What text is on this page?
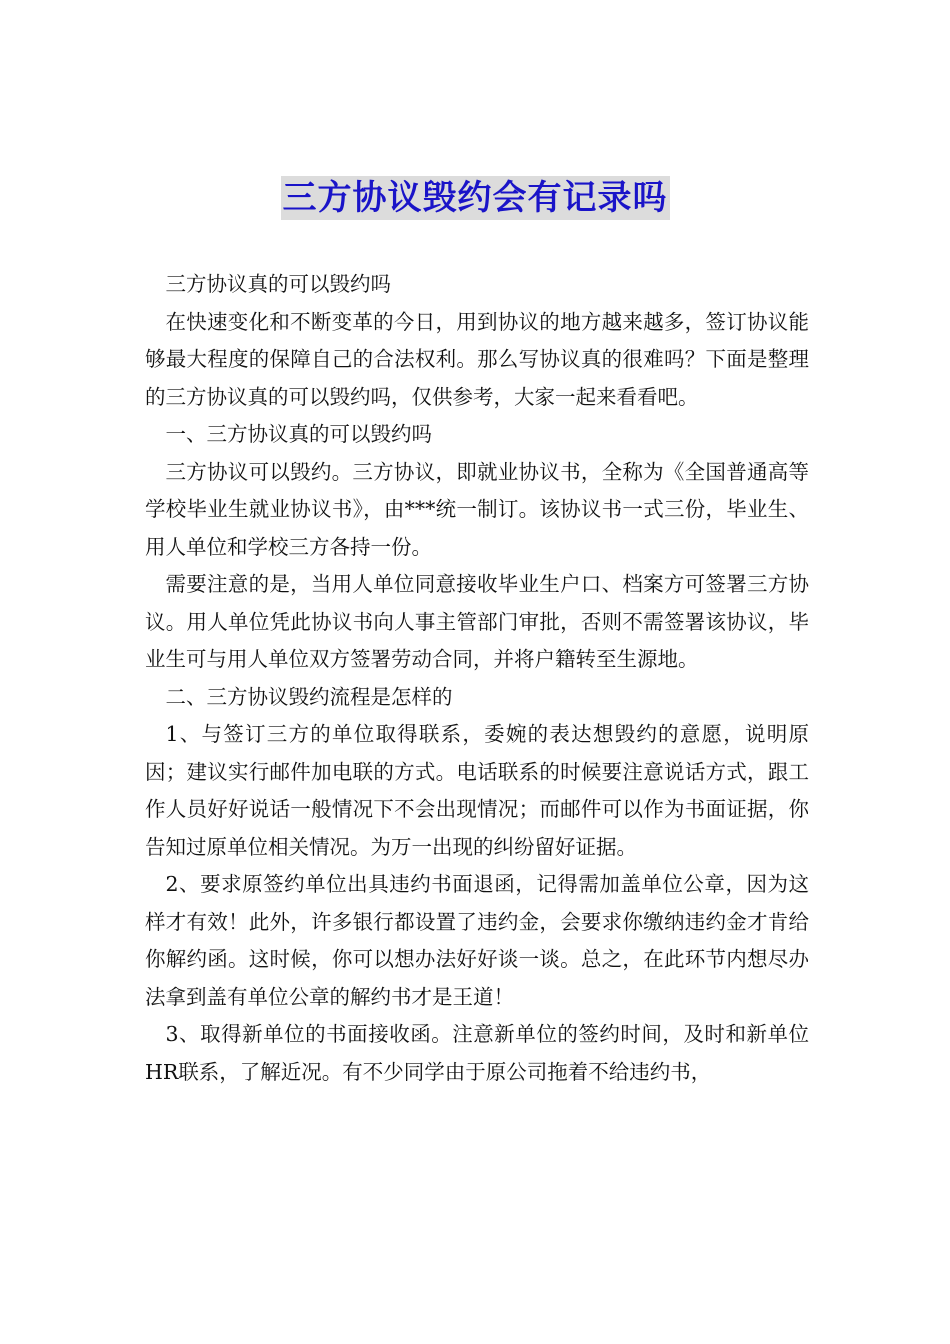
三方协议毁约会有记录吗

三方协议真的可以毁约吗

在快速变化和不断变革的今日，用到协议的地方越来越多，签订协议能够最大程度的保障自己的合法权利。那么写协议真的很难吗？下面是整理的三方协议真的可以毁约吗，仅供参考，大家一起来看看吧。

一、三方协议真的可以毁约吗

三方协议可以毁约。三方协议，即就业协议书，全称为《全国普通高等学校毕业生就业协议书》，由***统一制订。该协议书一式三份，毕业生、用人单位和学校三方各持一份。

需要注意的是，当用人单位同意接收毕业生户口、档案方可签署三方协议。用人单位凭此协议书向人事主管部门审批，否则不需签署该协议，毕业生可与用人单位双方签署劳动合同，并将户籍转至生源地。

二、三方协议毁约流程是怎样的

1、与签订三方的单位取得联系，委婉的表达想毁约的意愿，说明原因；建议实行邮件加电联的方式。电话联系的时候要注意说话方式，跟工作人员好好说话一般情况下不会出现情况；而邮件可以作为书面证据，你告知过原单位相关情况。为万一出现的纠纷留好证据。

2、要求原签约单位出具违约书面退函，记得需加盖单位公章，因为这样才有效！此外，许多银行都设置了违约金，会要求你缴纳违约金才肯给你解约函。这时候，你可以想办法好好谈一谈。总之，在此环节内想尽办法拿到盖有单位公章的解约书才是王道！

3、取得新单位的书面接收函。注意新单位的签约时间，及时和新单位HR联系，了解近况。有不少同学由于原公司拖着不给违约书，
